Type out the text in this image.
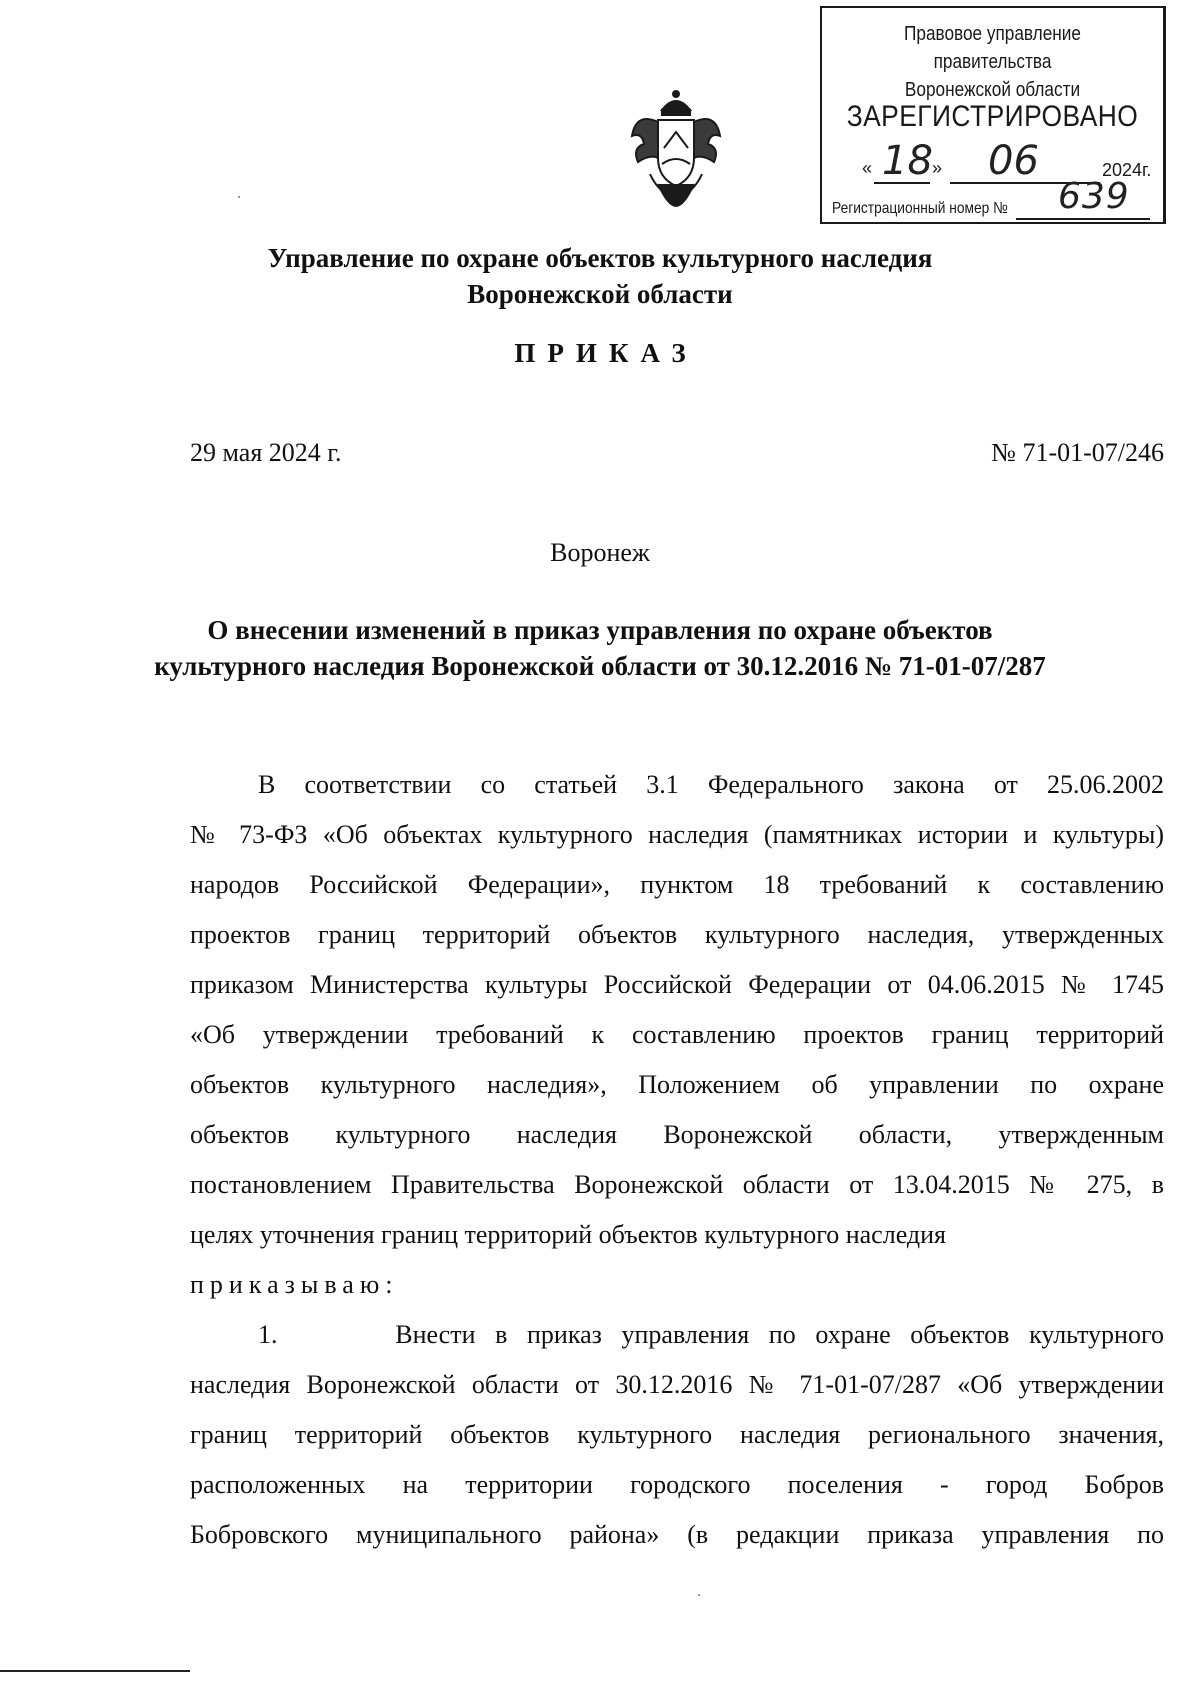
Правовое управление правительства
Воронежской области
ЗАРЕГИСТРИРОВАНО
« 18 » 06	2024г.
Регистрационный номер № 639
Управление по охране объектов культурного наследия
Воронежской области
ПРИКАЗ
29 мая 2024 г.	№ 71-01-07/246
Воронеж
О внесении изменений в приказ управления по охране объектов
культурного наследия Воронежской области от 30.12.2016 № 71-01-07/287
В соответствии со статьей 3.1 Федерального закона от 25.06.2002
№ 73-ФЗ «Об объектах культурного наследия (памятниках истории и культуры)
народов Российской Федерации», пунктом 18 требований к составлению
проектов границ территорий объектов культурного наследия, утвержденных
приказом Министерства культуры Российской Федерации от 04.06.2015 № 1745
«Об утверждении требований к составлению проектов границ территорий
объектов культурного наследия», Положением об управлении по охране
объектов культурного наследия Воронежской области, утвержденным
постановлением Правительства Воронежской области от 13.04.2015 № 275, в
целях уточнения границ территорий объектов культурного наследия
приказываю:
1.      Внести в приказ управления по охране объектов культурного
наследия Воронежской области от 30.12.2016 № 71-01-07/287 «Об утверждении
границ территорий объектов культурного наследия регионального значения,
расположенных на территории городского поселения - город Бобров
Бобровского муниципального района» (в редакции приказа управления по
